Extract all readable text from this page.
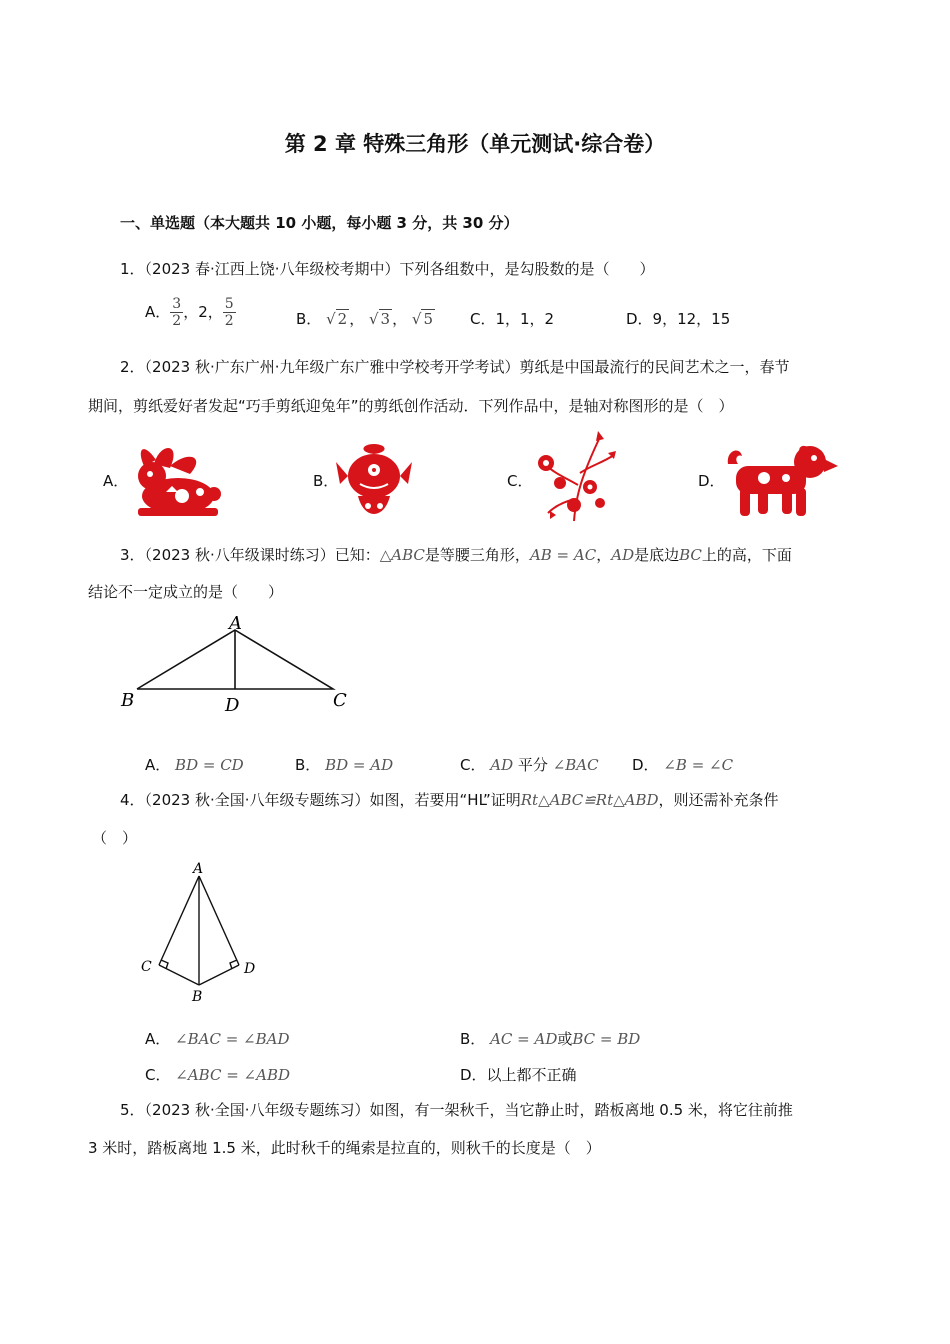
第 2 章 特殊三角形（单元测试·综合卷）
一、单选题（本大题共 10 小题，每小题 3 分，共 30 分）
1．（2023 春·江西上饶·八年级校考期中）下列各组数中，是勾股数的是（　　）
A． $\frac{3}{2}$ ，2， $\frac{5}{2}$	B． √ 2 ， √ 3 ， √ 5 C．1，1，2	D．9，12，15
2．（2023 秋·广东广州·九年级广东广雅中学校考开学考试）剪纸是中国最流行的民间艺术之一，春节
期间，剪纸爱好者发起“巧手剪纸迎兔年”的剪纸创作活动．下列作品中，是轴对称图形的是（　）
A．	B．	C．	D．
3．（2023 秋·八年级课时练习）已知：△ABC是等腰三角形，AB = AC，AD是底边BC上的高，下面
结论不一定成立的是（　　）
A
B	D	C
A． BD = CD	B． BD = AD	C． AD 平分 ∠BAC D． ∠B = ∠C
4．（2023 秋·全国·八年级专题练习）如图，若要用“HL”证明Rt△ABC≌Rt△ABD，则还需补充条件
（　）
A
C	D
B
A． ∠BAC = ∠BAD	B． AC = AD或BC = BD
C． ∠ABC = ∠ABD	D．以上都不正确
5．（2023 秋·全国·八年级专题练习）如图，有一架秋千，当它静止时，踏板离地 0.5 米，将它往前推
3 米时，踏板离地 1.5 米，此时秋千的绳索是拉直的，则秋千的长度是（　）
